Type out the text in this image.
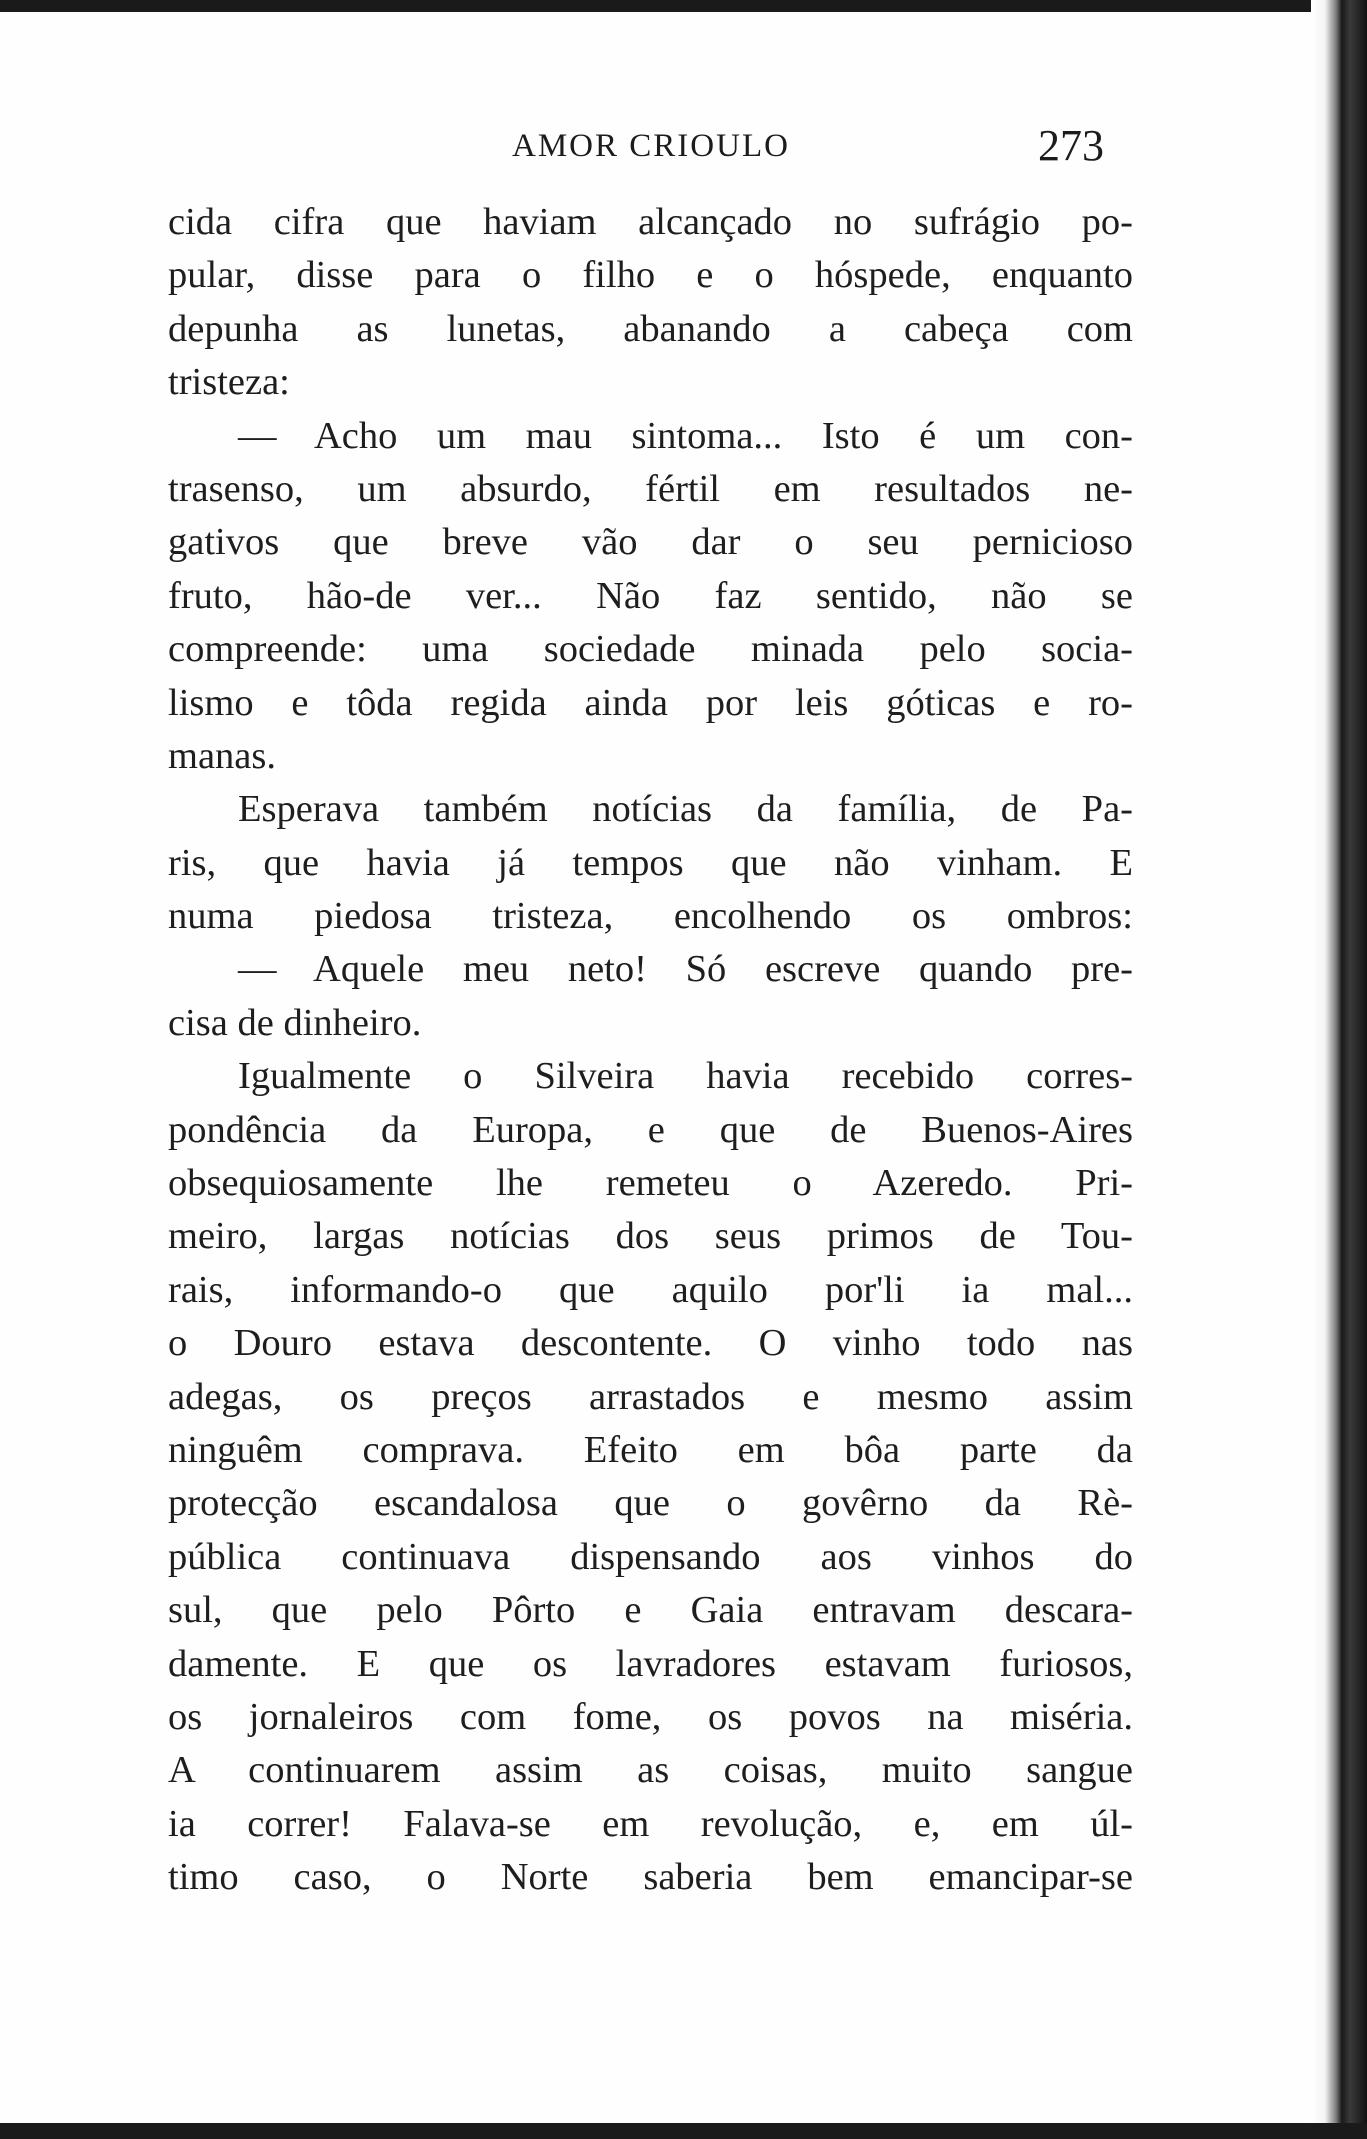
AMOR CRIOULO	273
cida cifra que haviam alcançado no sufrágio po-
pular, disse para o filho e o hóspede, enquanto
depunha as lunetas, abanando a cabeça com
tristeza:
— Acho um mau sintoma... Isto é um con-
trasenso, um absurdo, fértil em resultados ne-
gativos que breve vão dar o seu pernicioso
fruto, hão-de ver... Não faz sentido, não se
compreende: uma sociedade minada pelo socia-
lismo e tôda regida ainda por leis góticas e ro-
manas.
Esperava também notícias da família, de Pa-
ris, que havia já tempos que não vinham. E
numa piedosa tristeza, encolhendo os ombros:
— Aquele meu neto! Só escreve quando pre-
cisa de dinheiro.
Igualmente o Silveira havia recebido corres-
pondência da Europa, e que de Buenos-Aires
obsequiosamente lhe remeteu o Azeredo. Pri-
meiro, largas notícias dos seus primos de Tou-
rais, informando-o que aquilo por'li ia mal...
o Douro estava descontente. O vinho todo nas
adegas, os preços arrastados e mesmo assim
ninguêm comprava. Efeito em bôa parte da
protecção escandalosa que o govêrno da Rè-
pública continuava dispensando aos vinhos do
sul, que pelo Pôrto e Gaia entravam descara-
damente. E que os lavradores estavam furiosos,
os jornaleiros com fome, os povos na miséria.
A continuarem assim as coisas, muito sangue
ia correr! Falava-se em revolução, e, em úl-
timo caso, o Norte saberia bem emancipar-se
